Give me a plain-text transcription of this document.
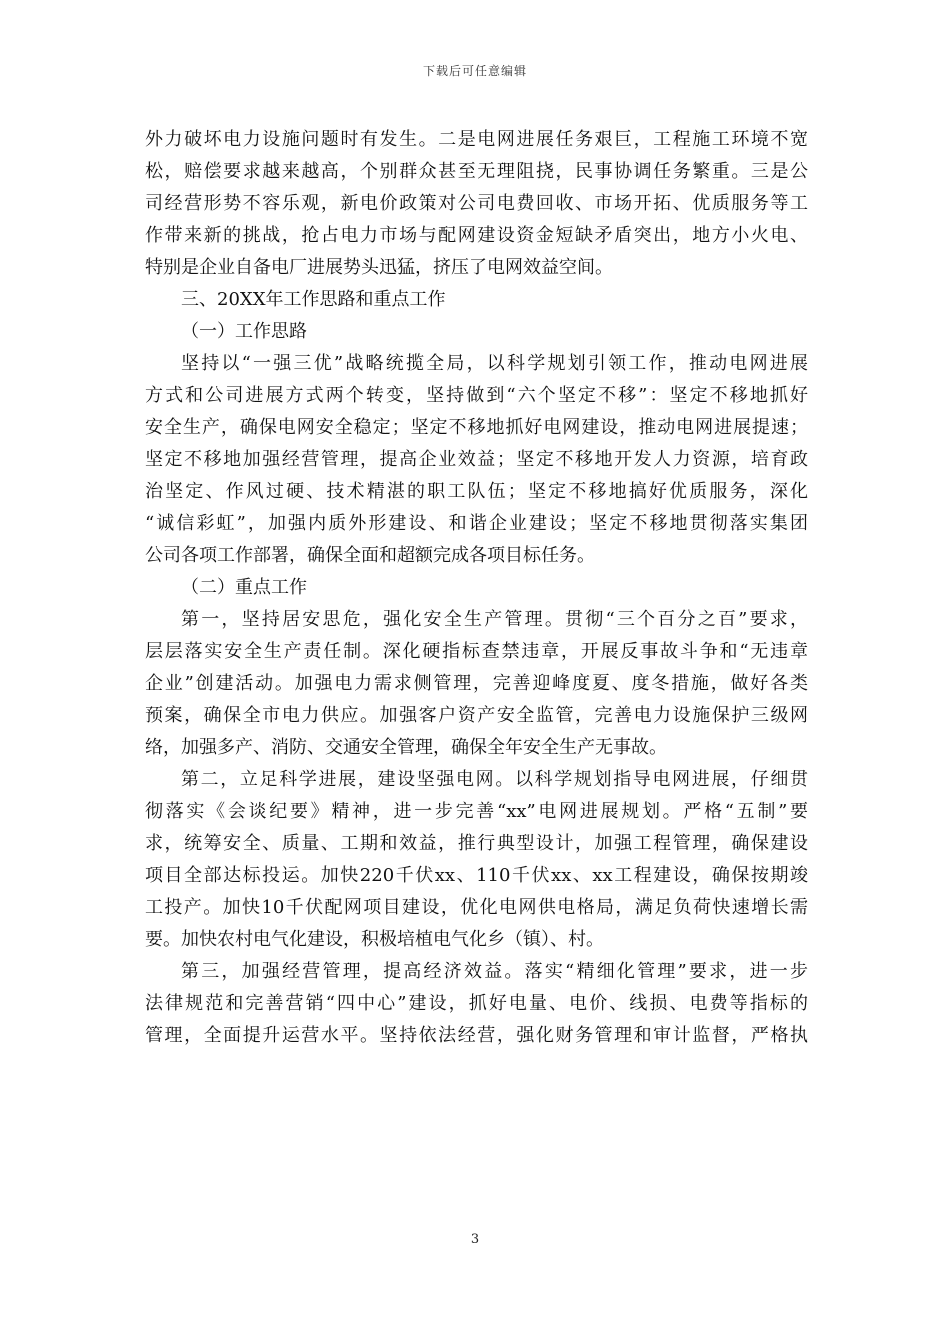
下载后可任意编辑
外力破坏电力设施问题时有发生。二是电网进展任务艰巨，工程施工环境不宽
松，赔偿要求越来越高，个别群众甚至无理阻挠，民事协调任务繁重。三是公
司经营形势不容乐观，新电价政策对公司电费回收、市场开拓、优质服务等工
作带来新的挑战，抢占电力市场与配网建设资金短缺矛盾突出，地方小火电、
特别是企业自备电厂进展势头迅猛，挤压了电网效益空间。
三、20XX年工作思路和重点工作
（一）工作思路
坚持以“一强三优”战略统揽全局，以科学规划引领工作，推动电网进展
方式和公司进展方式两个转变，坚持做到“六个坚定不移”：坚定不移地抓好
安全生产，确保电网安全稳定；坚定不移地抓好电网建设，推动电网进展提速；
坚定不移地加强经营管理，提高企业效益；坚定不移地开发人力资源，培育政
治坚定、作风过硬、技术精湛的职工队伍；坚定不移地搞好优质服务，深化
“诚信彩虹”，加强内质外形建设、和谐企业建设；坚定不移地贯彻落实集团
公司各项工作部署，确保全面和超额完成各项目标任务。
（二）重点工作
第一，坚持居安思危，强化安全生产管理。贯彻“三个百分之百”要求，
层层落实安全生产责任制。深化硬指标查禁违章，开展反事故斗争和“无违章
企业”创建活动。加强电力需求侧管理，完善迎峰度夏、度冬措施，做好各类
预案，确保全市电力供应。加强客户资产安全监管，完善电力设施保护三级网
络，加强多产、消防、交通安全管理，确保全年安全生产无事故。
第二，立足科学进展，建设坚强电网。以科学规划指导电网进展，仔细贯
彻落实《会谈纪要》精神，进一步完善“xx”电网进展规划。严格“五制”要
求，统筹安全、质量、工期和效益，推行典型设计，加强工程管理，确保建设
项目全部达标投运。加快220千伏xx、110千伏xx、xx工程建设，确保按期竣
工投产。加快10千伏配网项目建设，优化电网供电格局，满足负荷快速增长需
要。加快农村电气化建设，积极培植电气化乡（镇）、村。
第三，加强经营管理，提高经济效益。落实“精细化管理”要求，进一步
法律规范和完善营销“四中心”建设，抓好电量、电价、线损、电费等指标的
管理，全面提升运营水平。坚持依法经营，强化财务管理和审计监督，严格执
3
